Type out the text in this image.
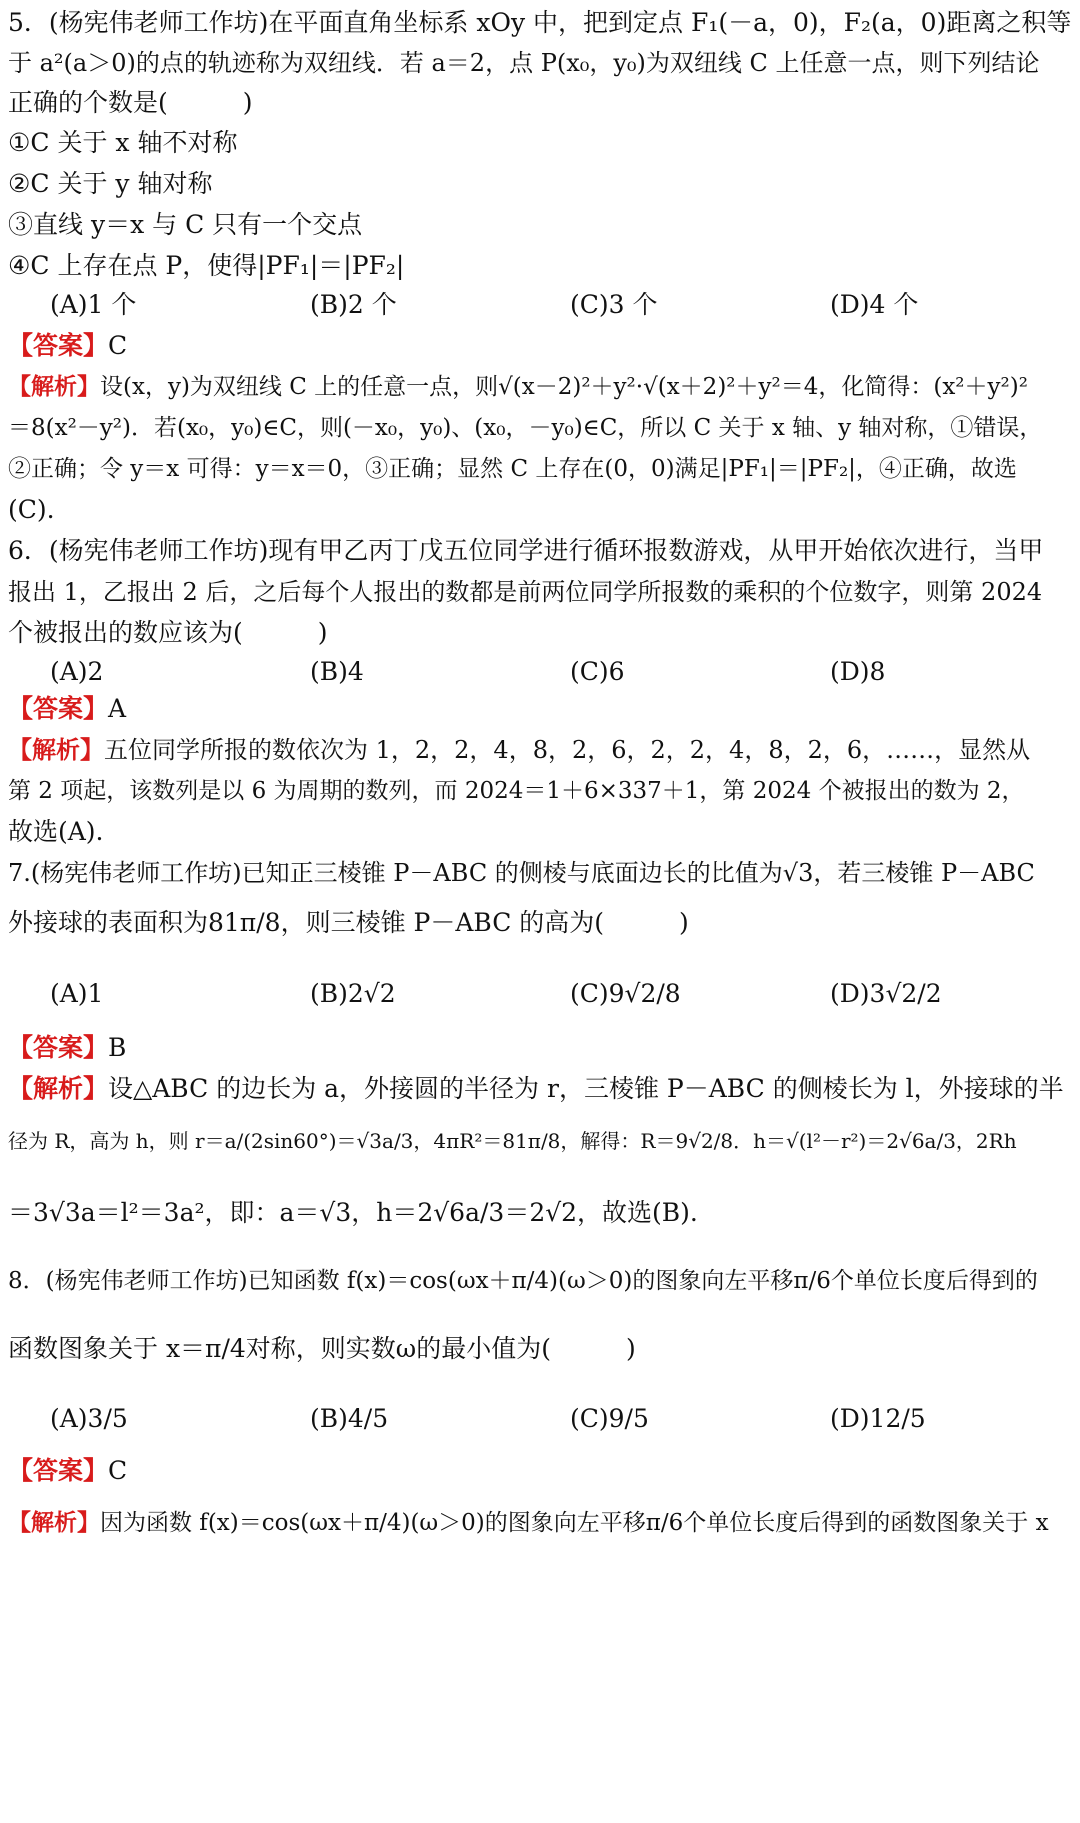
5．(杨宪伟老师工作坊)在平面直角坐标系 xOy 中，把到定点 F₁(－a，0)，F₂(a，0)距离之积等
于 a²(a＞0)的点的轨迹称为双纽线．若 a＝2，点 P(x₀，y₀)为双纽线 C 上任意一点，则下列结论
正确的个数是(　　　)
①C 关于 x 轴不对称
②C 关于 y 轴对称
③直线 y＝x 与 C 只有一个交点
④C 上存在点 P，使得|PF₁|＝|PF₂|
(A)1 个	(B)2 个	(C)3 个	(D)4 个
【答案】C
【解析】设(x，y)为双纽线 C 上的任意一点，则√(x－2)²＋y²·√(x＋2)²＋y²＝4，化简得：(x²＋y²)²
＝8(x²－y²)．若(x₀，y₀)∈C，则(－x₀，y₀)、(x₀，－y₀)∈C，所以 C 关于 x 轴、y 轴对称，①错误，
②正确；令 y＝x 可得：y＝x＝0，③正确；显然 C 上存在(0，0)满足|PF₁|＝|PF₂|，④正确，故选
(C).
6．(杨宪伟老师工作坊)现有甲乙丙丁戊五位同学进行循环报数游戏，从甲开始依次进行，当甲
报出 1，乙报出 2 后，之后每个人报出的数都是前两位同学所报数的乘积的个位数字，则第 2024
个被报出的数应该为(　　　)
(A)2	(B)4	(C)6	(D)8
【答案】A
【解析】五位同学所报的数依次为 1，2，2，4，8，2，6，2，2，4，8，2，6，……，显然从
第 2 项起，该数列是以 6 为周期的数列，而 2024＝1＋6×337＋1，第 2024 个被报出的数为 2，
故选(A).
7.(杨宪伟老师工作坊)已知正三棱锥 P－ABC 的侧棱与底面边长的比值为√3，若三棱锥 P－ABC
外接球的表面积为81π/8，则三棱锥 P－ABC 的高为(　　　)
(A)1	(B)2√2	(C)9√2/8	(D)3√2/2
【答案】B
【解析】设△ABC 的边长为 a，外接圆的半径为 r，三棱锥 P－ABC 的侧棱长为 l，外接球的半
径为 R，高为 h，则 r＝a/(2sin60°)＝√3a/3，4πR²＝81π/8，解得：R＝9√2/8．h＝√(l²－r²)＝2√6a/3，2Rh
＝3√3a＝l²＝3a²，即：a＝√3，h＝2√6a/3＝2√2，故选(B).
8．(杨宪伟老师工作坊)已知函数 f(x)＝cos(ωx＋π/4)(ω＞0)的图象向左平移π/6个单位长度后得到的
函数图象关于 x＝π/4对称，则实数ω的最小值为(　　　)
(A)3/5	(B)4/5	(C)9/5	(D)12/5
【答案】C
【解析】因为函数 f(x)＝cos(ωx＋π/4)(ω＞0)的图象向左平移π/6个单位长度后得到的函数图象关于 x
